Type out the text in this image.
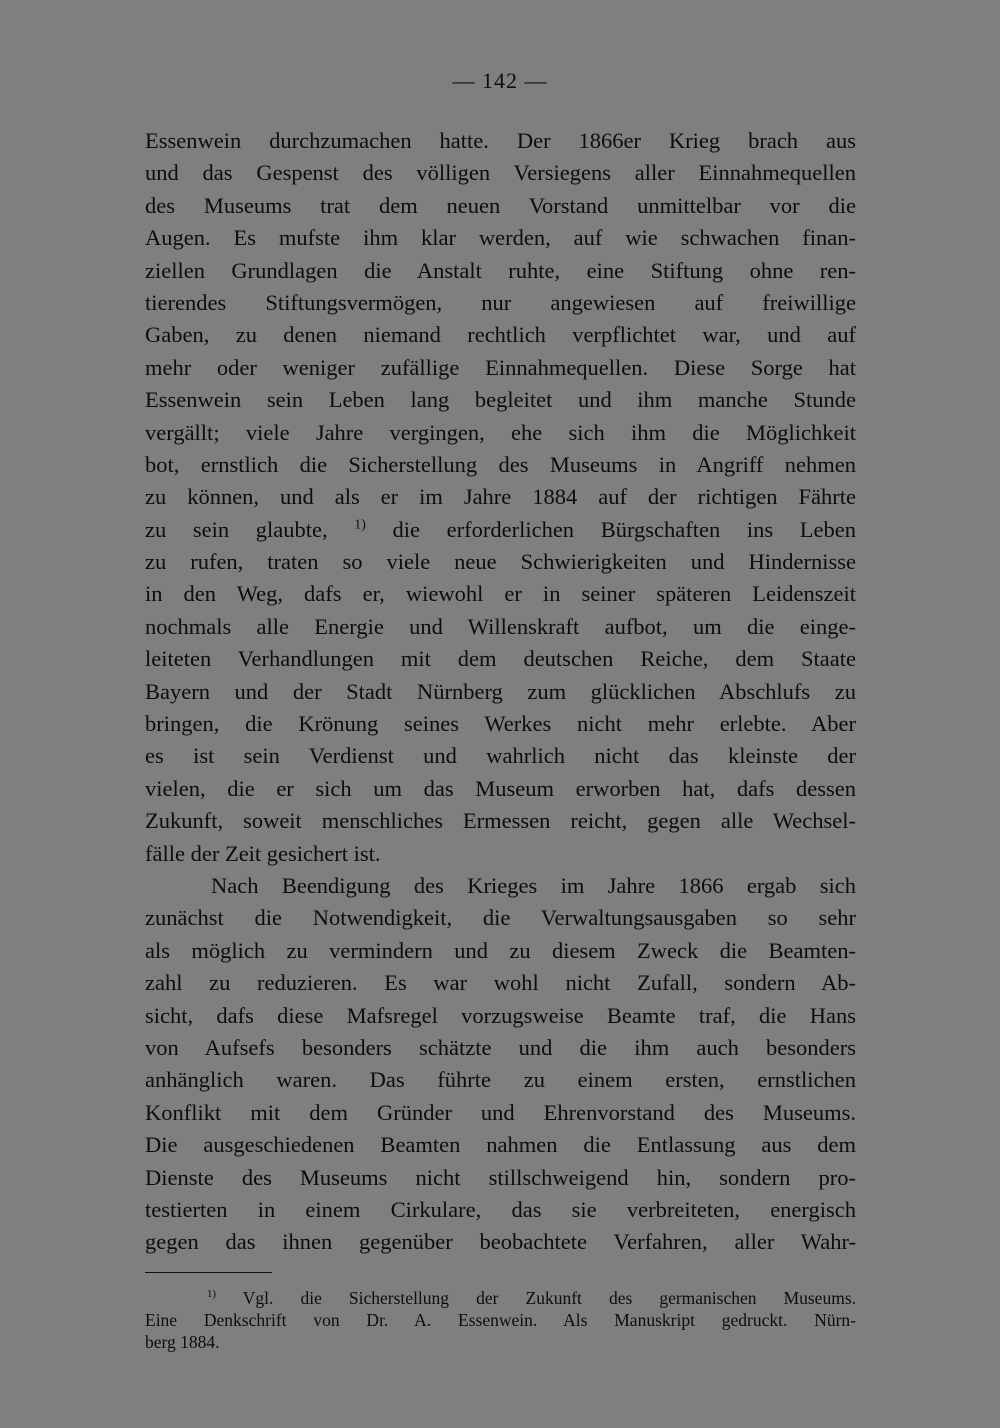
— 142 —
Essenwein durchzumachen hatte. Der 1866er Krieg brach aus
und das Gespenst des völligen Versiegens aller Einnahmequellen
des Museums trat dem neuen Vorstand unmittelbar vor die
Augen. Es mufste ihm klar werden, auf wie schwachen finan-
ziellen Grundlagen die Anstalt ruhte, eine Stiftung ohne ren-
tierendes Stiftungsvermögen, nur angewiesen auf freiwillige
Gaben, zu denen niemand rechtlich verpflichtet war, und auf
mehr oder weniger zufällige Einnahmequellen. Diese Sorge hat
Essenwein sein Leben lang begleitet und ihm manche Stunde
vergällt; viele Jahre vergingen, ehe sich ihm die Möglichkeit
bot, ernstlich die Sicherstellung des Museums in Angriff nehmen
zu können, und als er im Jahre 1884 auf der richtigen Fährte
zu sein glaubte, $^{1)}$ die erforderlichen Bürgschaften ins Leben
zu rufen, traten so viele neue Schwierigkeiten und Hindernisse
in den Weg, dafs er, wiewohl er in seiner späteren Leidenszeit
nochmals alle Energie und Willenskraft aufbot, um die einge-
leiteten Verhandlungen mit dem deutschen Reiche, dem Staate
Bayern und der Stadt Nürnberg zum glücklichen Abschlufs zu
bringen, die Krönung seines Werkes nicht mehr erlebte. Aber
es ist sein Verdienst und wahrlich nicht das kleinste der
vielen, die er sich um das Museum erworben hat, dafs dessen
Zukunft, soweit menschliches Ermessen reicht, gegen alle Wechsel-
fälle der Zeit gesichert ist.
Nach Beendigung des Krieges im Jahre 1866 ergab sich
zunächst die Notwendigkeit, die Verwaltungsausgaben so sehr
als möglich zu vermindern und zu diesem Zweck die Beamten-
zahl zu reduzieren. Es war wohl nicht Zufall, sondern Ab-
sicht, dafs diese Mafsregel vorzugsweise Beamte traf, die Hans
von Aufsefs besonders schätzte und die ihm auch besonders
anhänglich waren. Das führte zu einem ersten, ernstlichen
Konflikt mit dem Gründer und Ehrenvorstand des Museums.
Die ausgeschiedenen Beamten nahmen die Entlassung aus dem
Dienste des Museums nicht stillschweigend hin, sondern pro-
testierten in einem Cirkulare, das sie verbreiteten, energisch
gegen das ihnen gegenüber beobachtete Verfahren, aller Wahr-
$^{1)}$ Vgl. die Sicherstellung der Zukunft des germanischen Museums.
Eine Denkschrift von Dr. A. Essenwein. Als Manuskript gedruckt. Nürn-
berg 1884.
